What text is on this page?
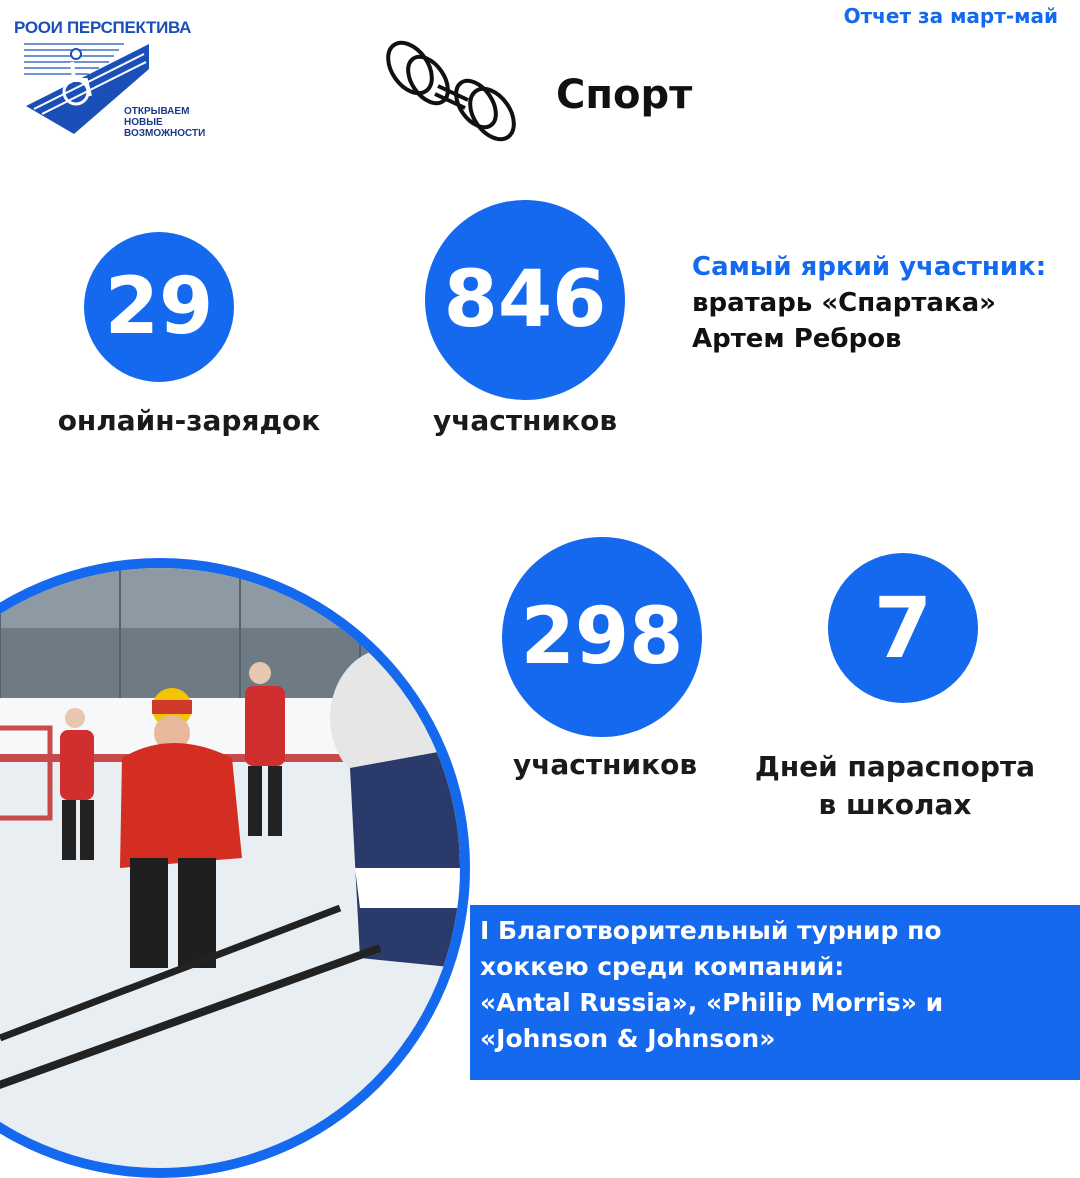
РООИ ПЕРСПЕКТИВА
ОТКРЫВАЕМ
НОВЫЕ ВОЗМОЖНОСТИ
Отчет за март-май
Спорт
29
онлайн-зарядок
846
участников
Самый яркий участник:
вратарь «Спартака»
Артем Ребров
298
участников
7
Дней параспорта
в школах
I Благотворительный турнир по
хоккею среди компаний:
«Antal Russia», «Philip Morris» и
«Johnson & Johnson»
